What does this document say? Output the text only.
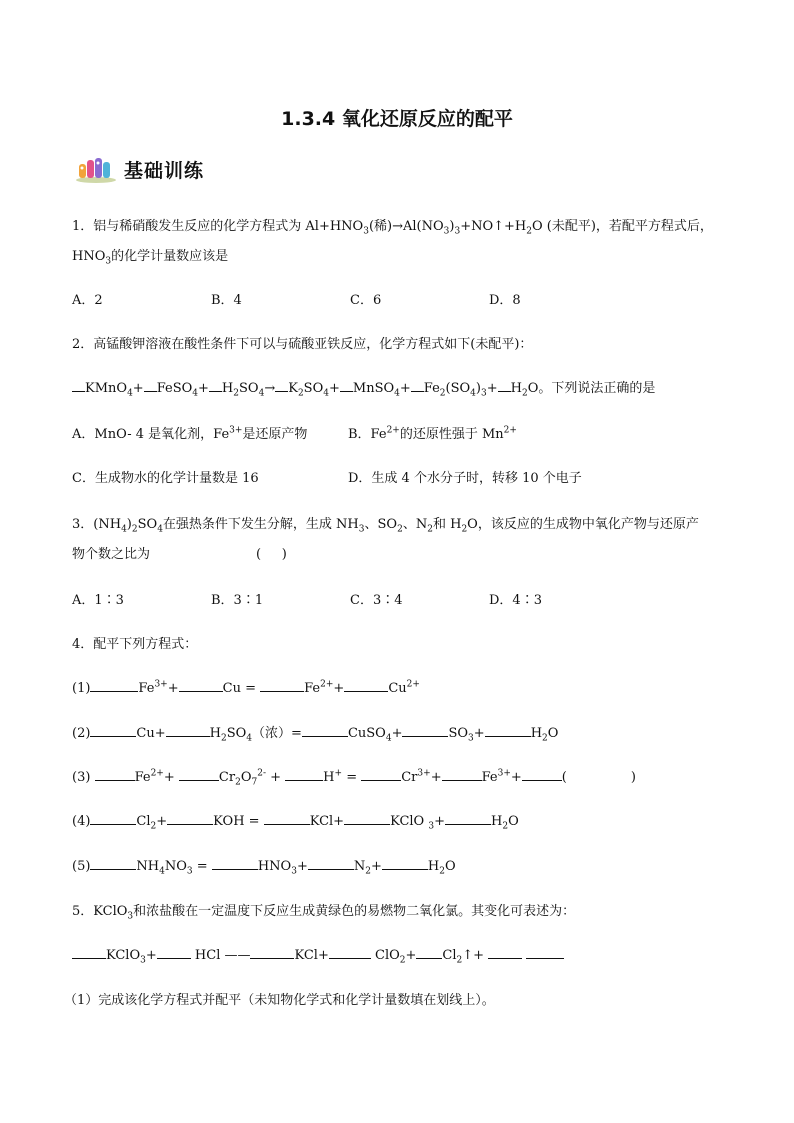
1.3.4 氧化还原反应的配平
基础训练
1．铝与稀硝酸发生反应的化学方程式为 $Al+HNO_3$(稀)$\to Al(NO_3)_3+NO↑+H_2O$ (未配平)，若配平方程式后，
$HNO_3$的化学计量数应该是
A．2	B．4	C．6	D．8
2．高锰酸钾溶液在酸性条件下可以与硫酸亚铁反应，化学方程式如下(未配平)：
KMnO$_4$+ FeSO$_4$+ $H_2SO_4\to K_2SO_4+$ MnSO$_4$+ $Fe_2(SO_4)_3+ H_2O$。下列说法正确的是
A．MnO- 4 是氧化剂，$Fe^{3+}$是还原产物	B．$Fe^{2+}$的还原性强于 $Mn^{2+}$
C．生成物水的化学计量数是 16	D．生成 4 个水分子时，转移 10 个电子
3．$(NH_4)_2SO_4$在强热条件下发生分解，生成 $NH_3$、$SO_2$、$N_2$和 $H_2O$，该反应的生成物中氧化产物与还原产
物个数之比为	(     )
A．1∶3	B．3∶1	C．3∶4	D．4∶3
4．配平下列方程式：
(1)	$Fe^{3+}+$	Cu =	$Fe^{2+}+$	$Cu^{2+}$
(2)	Cu+	$H_2SO_4$（浓）=	CuSO$_4$+	$SO_3+$	$H_2O$
(3)	$Fe^{2+}+$	$Cr_2O_7^{2-}$ +	H+ =	$Cr^{3+}+$	$Fe^{3+}+$	(	)
(4)	$Cl_2+$	KOH =	KCl+	KClO $_3$+	$H_2O$
(5)	$NH_4NO_3$ =	$HNO_3+$	$N_2+$	$H_2O$
5．KClO$_3$和浓盐酸在一定温度下反应生成黄绿色的易燃物二氧化氯。其变化可表述为：
KClO$_3$+	HCl ——	KCl+	$ClO_2+ Cl_2↑+$
（1）完成该化学方程式并配平（未知物化学式和化学计量数填在划线上）。
